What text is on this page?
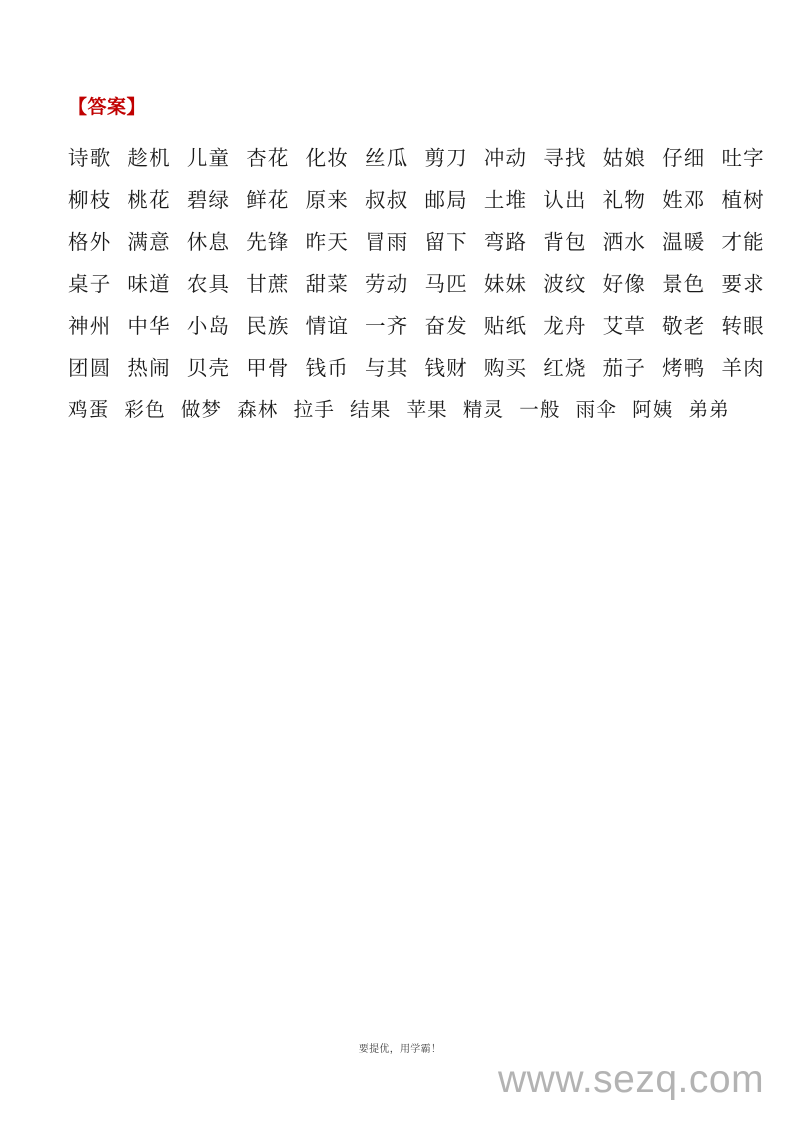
【答案】
诗歌 趁机 儿童 杏花 化妆 丝瓜 剪刀 冲动 寻找 姑娘 仔细 吐字
柳枝 桃花 碧绿 鲜花 原来 叔叔 邮局 土堆 认出 礼物 姓邓 植树
格外 满意 休息 先锋 昨天 冒雨 留下 弯路 背包 洒水 温暖 才能
桌子 味道 农具 甘蔗 甜菜 劳动 马匹 妹妹 波纹 好像 景色 要求
神州 中华 小岛 民族 情谊 一齐 奋发 贴纸 龙舟 艾草 敬老 转眼
团圆 热闹 贝壳 甲骨 钱币 与其 钱财 购买 红烧 茄子 烤鸭 羊肉
鸡蛋 彩色 做梦 森林 拉手 结果 苹果 精灵 一般 雨伞 阿姨 弟弟
要提优，用学霸！
www.sezq.com
